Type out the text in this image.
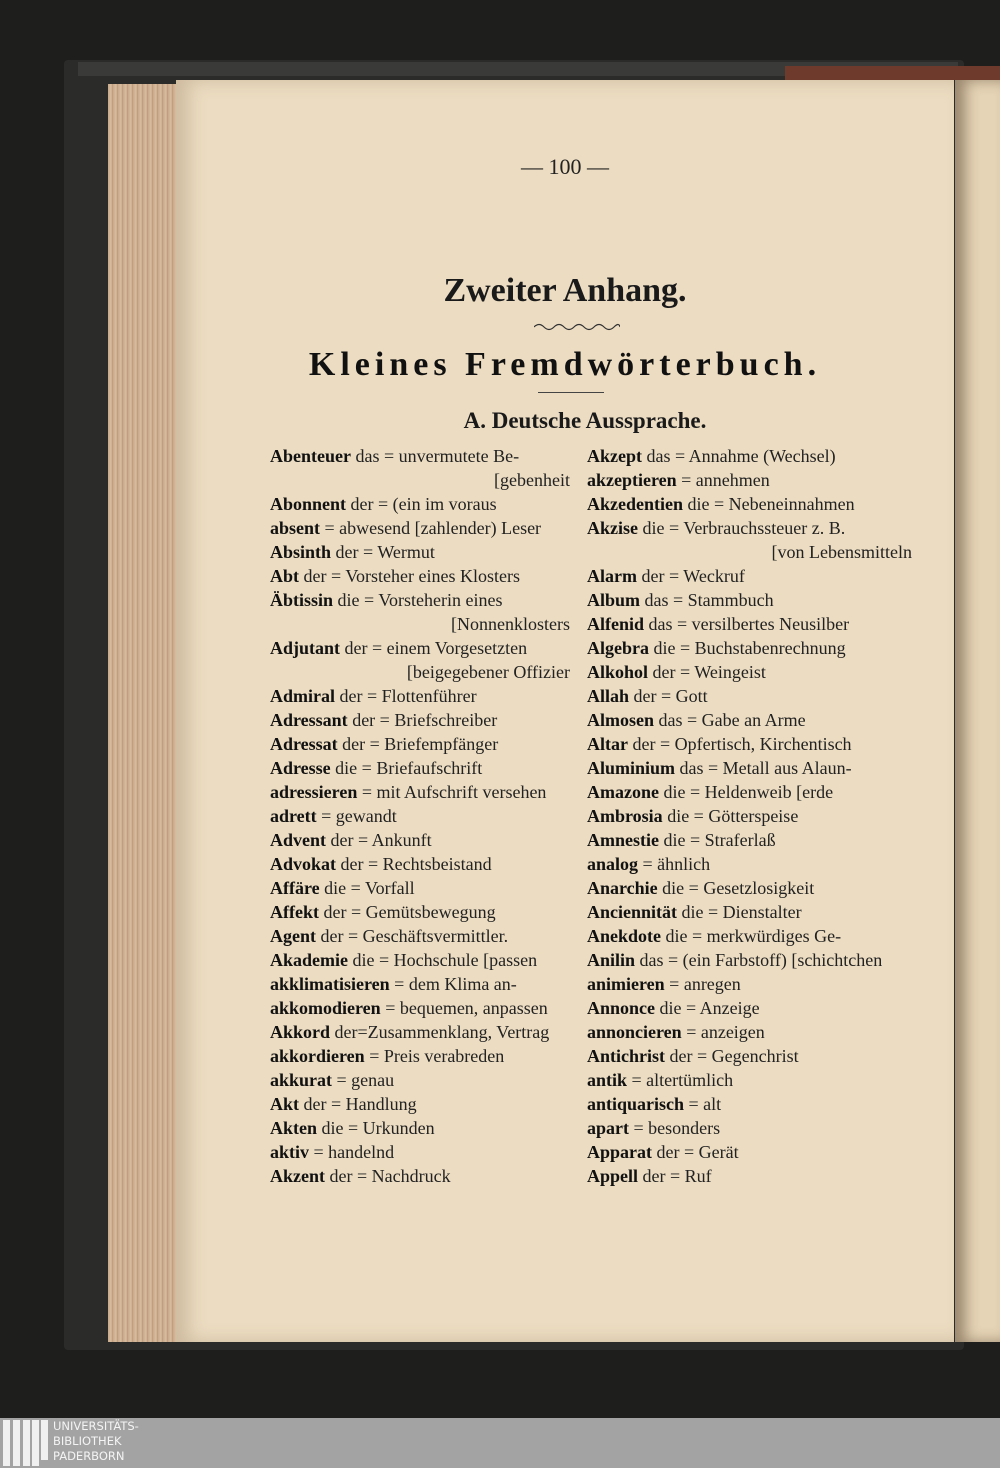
— 100 —
Zweiter Anhang.
Kleines Fremdwörterbuch.
A. Deutsche Aussprache.
Abenteuer das = unvermutete Be-
[gebenheit
Abonnent der = (ein im voraus
absent = abwesend [zahlender) Leser
Absinth der = Wermut
Abt der = Vorsteher eines Klosters
Äbtissin die = Vorsteherin eines
[Nonnenklosters
Adjutant der = einem Vorgesetzten
[beigegebener Offizier
Admiral der = Flottenführer
Adressant der = Briefschreiber
Adressat der = Briefempfänger
Adresse die = Briefaufschrift
adressieren = mit Aufschrift versehen
adrett = gewandt
Advent der = Ankunft
Advokat der = Rechtsbeistand
Affäre die = Vorfall
Affekt der = Gemütsbewegung
Agent der = Geschäftsvermittler.
Akademie die = Hochschule [passen
akklimatisieren = dem Klima an-
akkomodieren = bequemen, anpassen
Akkord der=Zusammenklang, Vertrag
akkordieren = Preis verabreden
akkurat = genau
Akt der = Handlung
Akten die = Urkunden
aktiv = handelnd
Akzent der = Nachdruck
Akzept das = Annahme (Wechsel)
akzeptieren = annehmen
Akzedentien die = Nebeneinnahmen
Akzise die = Verbrauchssteuer z. B.
[von Lebensmitteln
Alarm der = Weckruf
Album das = Stammbuch
Alfenid das = versilbertes Neusilber
Algebra die = Buchstabenrechnung
Alkohol der = Weingeist
Allah der = Gott
Almosen das = Gabe an Arme
Altar der = Opfertisch, Kirchentisch
Aluminium das = Metall aus Alaun-
Amazone die = Heldenweib [erde
Ambrosia die = Götterspeise
Amnestie die = Straferlaß
analog = ähnlich
Anarchie die = Gesetzlosigkeit
Anciennität die = Dienstalter
Anekdote die = merkwürdiges Ge-
Anilin das = (ein Farbstoff) [schichtchen
animieren = anregen
Annonce die = Anzeige
annoncieren = anzeigen
Antichrist der = Gegenchrist
antik = altertümlich
antiquarisch = alt
apart = besonders
Apparat der = Gerät
Appell der = Ruf
UNIVERSITÄTS-
BIBLIOTHEK
PADERBORN
